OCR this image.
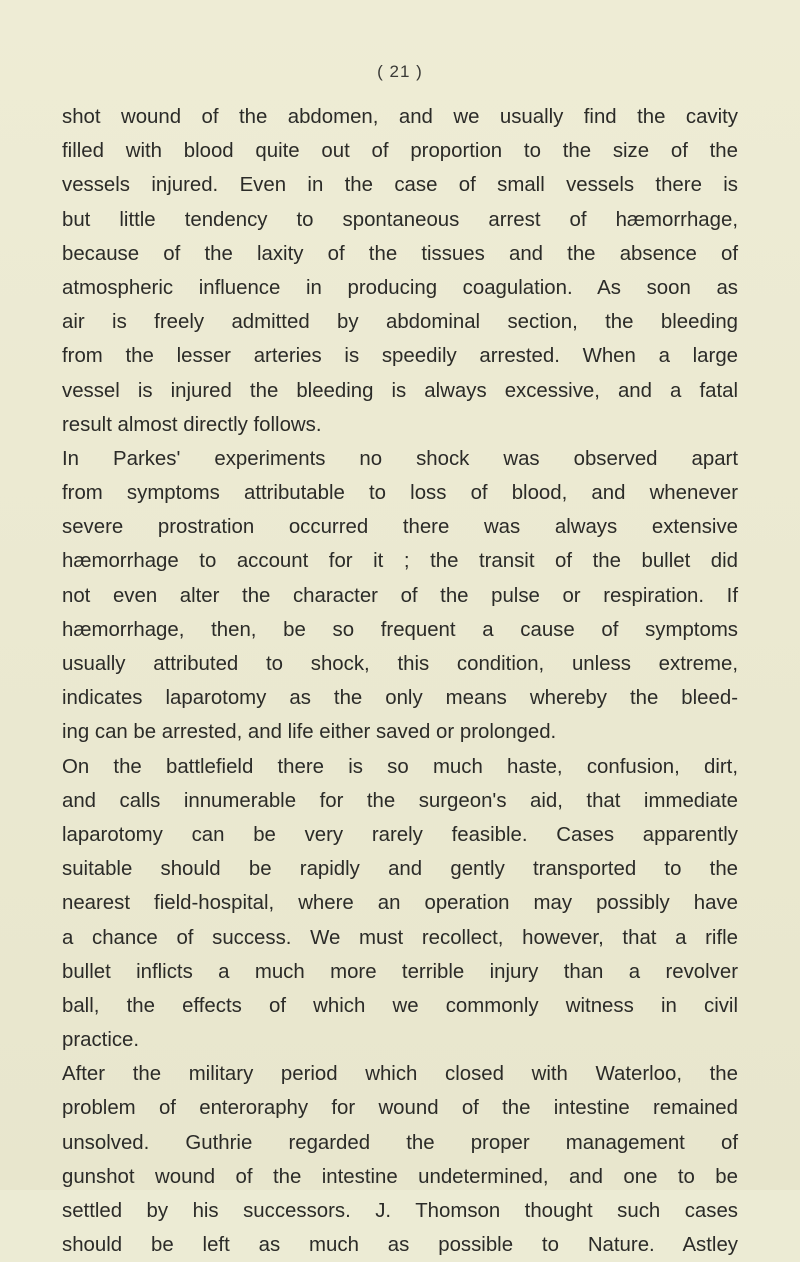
( 21 )
shot wound of the abdomen, and we usually find the cavity
filled with blood quite out of proportion to the size of the
vessels injured. Even in the case of small vessels there is
but little tendency to spontaneous arrest of hæmorrhage,
because of the laxity of the tissues and the absence of
atmospheric influence in producing coagulation. As soon as
air is freely admitted by abdominal section, the bleeding
from the lesser arteries is speedily arrested. When a large
vessel is injured the bleeding is always excessive, and a fatal
result almost directly follows.
In Parkes' experiments no shock was observed apart
from symptoms attributable to loss of blood, and whenever
severe prostration occurred there was always extensive
hæmorrhage to account for it ; the transit of the bullet did
not even alter the character of the pulse or respiration. If
hæmorrhage, then, be so frequent a cause of symptoms
usually attributed to shock, this condition, unless extreme,
indicates laparotomy as the only means whereby the bleed-
ing can be arrested, and life either saved or prolonged.
On the battlefield there is so much haste, confusion, dirt,
and calls innumerable for the surgeon's aid, that immediate
laparotomy can be very rarely feasible. Cases apparently
suitable should be rapidly and gently transported to the
nearest field-hospital, where an operation may possibly have
a chance of success. We must recollect, however, that a rifle
bullet inflicts a much more terrible injury than a revolver
ball, the effects of which we commonly witness in civil
practice.
After the military period which closed with Waterloo, the
problem of enteroraphy for wound of the intestine remained
unsolved. Guthrie regarded the proper management of
gunshot wound of the intestine undetermined, and one to be
settled by his successors. J. Thomson thought such cases
should be left as much as possible to Nature. Astley
